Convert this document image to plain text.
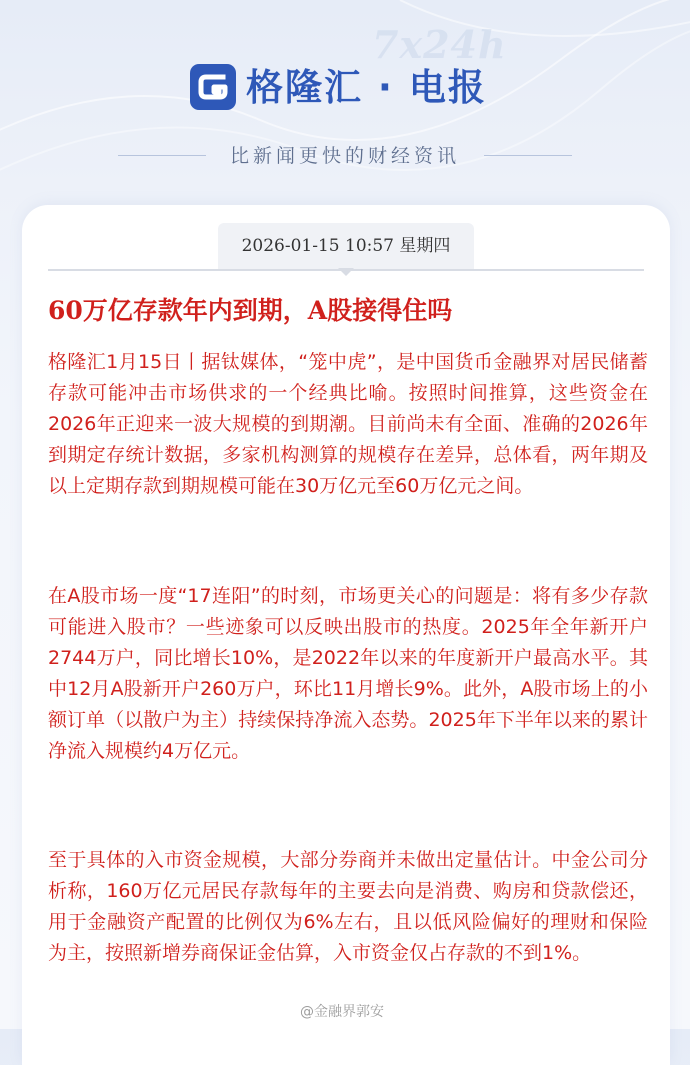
7x24h
格隆汇 · 电报
比新闻更快的财经资讯
2026-01-15 10:57 星期四
60万亿存款年内到期，A股接得住吗

格隆汇1月15日丨据钛媒体，“笼中虎”，是中国货币金融界对居民储蓄存款可能冲击市场供求的一个经典比喻。按照时间推算，这些资金在2026年正迎来一波大规模的到期潮。目前尚未有全面、准确的2026年到期定存统计数据，多家机构测算的规模存在差异，总体看，两年期及以上定期存款到期规模可能在30万亿元至60万亿元之间。

在A股市场一度“17连阳”的时刻，市场更关心的问题是：将有多少存款可能进入股市？一些迹象可以反映出股市的热度。2025年全年新开户2744万户，同比增长10%，是2022年以来的年度新开户最高水平。其中12月A股新开户260万户，环比11月增长9%。此外，A股市场上的小额订单（以散户为主）持续保持净流入态势。2025年下半年以来的累计净流入规模约4万亿元。

至于具体的入市资金规模，大部分券商并未做出定量估计。中金公司分析称，160万亿元居民存款每年的主要去向是消费、购房和贷款偿还，用于金融资产配置的比例仅为6%左右，且以低风险偏好的理财和保险为主，按照新增券商保证金估算，入市资金仅占存款的不到1%。

@金融界郭安
